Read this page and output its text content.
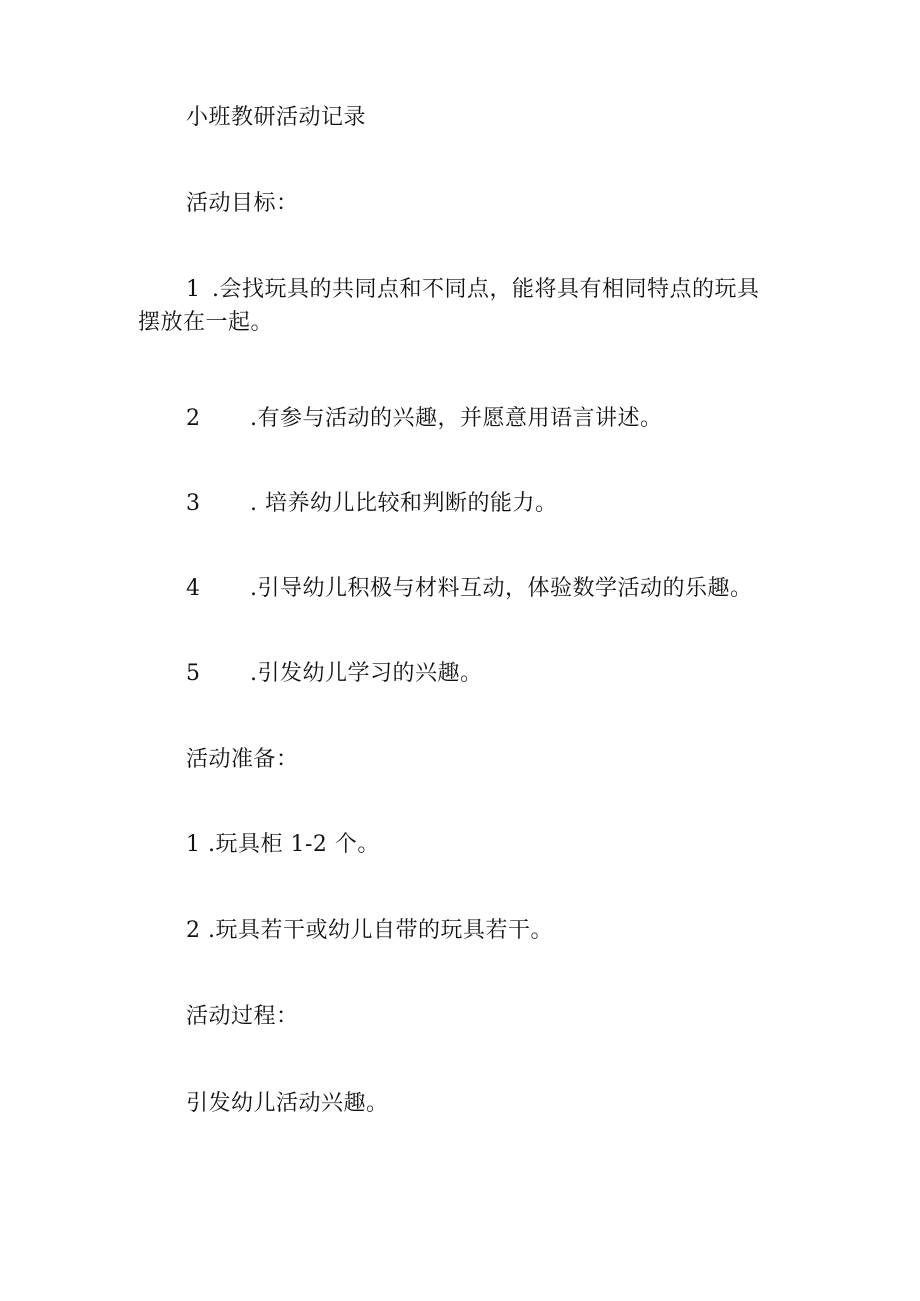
小班教研活动记录
活动目标：
1 .会找玩具的共同点和不同点，能将具有相同特点的玩具
摆放在一起。
2 .有参与活动的兴趣，并愿意用语言讲述。
3 . 培养幼儿比较和判断的能力。
4 .引导幼儿积极与材料互动，体验数学活动的乐趣。
5 .引发幼儿学习的兴趣。
活动准备：
1 .玩具柜 1-2 个。
2 .玩具若干或幼儿自带的玩具若干。
活动过程：
引发幼儿活动兴趣。
